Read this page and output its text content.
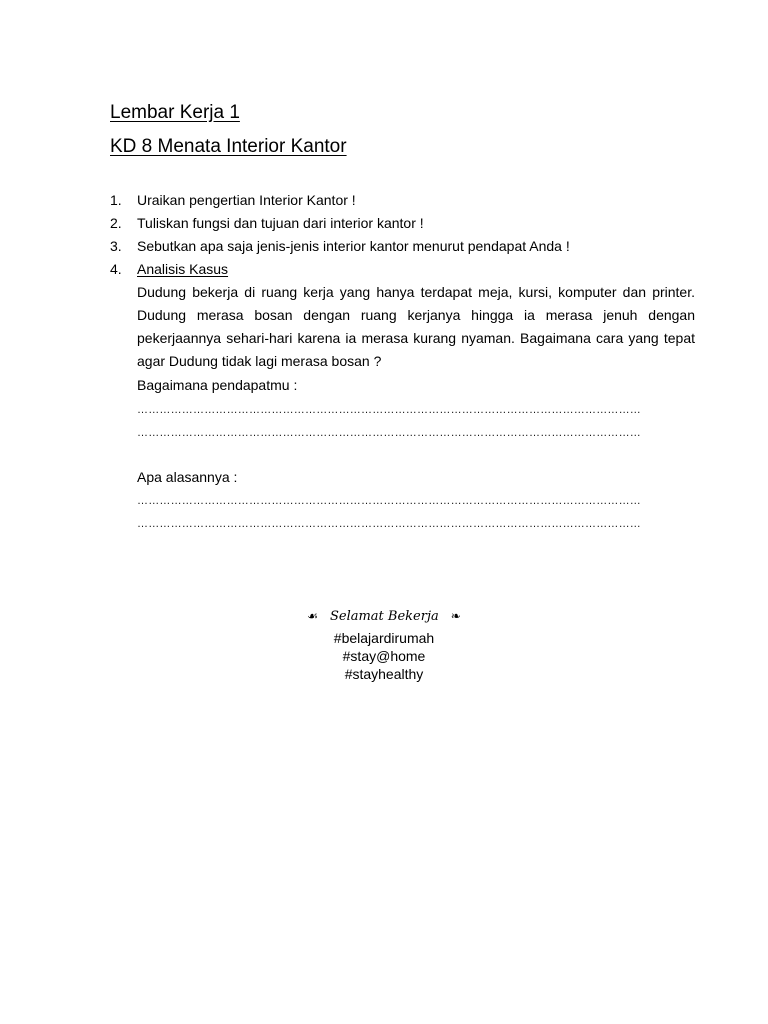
Lembar Kerja 1
KD 8 Menata Interior Kantor

1. Uraikan pengertian Interior Kantor !

2. Tuliskan fungsi dan tujuan dari interior kantor !

3. Sebutkan apa saja jenis-jenis interior kantor menurut pendapat Anda !

4. Analisis Kasus

Dudung bekerja di ruang kerja yang hanya terdapat meja, kursi, komputer dan printer. Dudung merasa bosan dengan ruang kerjanya hingga ia merasa jenuh dengan pekerjaannya sehari-hari karena ia merasa kurang nyaman. Bagaimana cara yang tepat agar Dudung tidak lagi merasa bosan ?

Bagaimana pendapatmu :

………………………………………………………………………………………………………………………

………………………………………………………………………………………………………………………

Apa alasannya :

………………………………………………………………………………………………………………………

………………………………………………………………………………………………………………………

☙ Selamat Bekerja ❧

#belajardirumah

#stay@home

#stayhealthy
